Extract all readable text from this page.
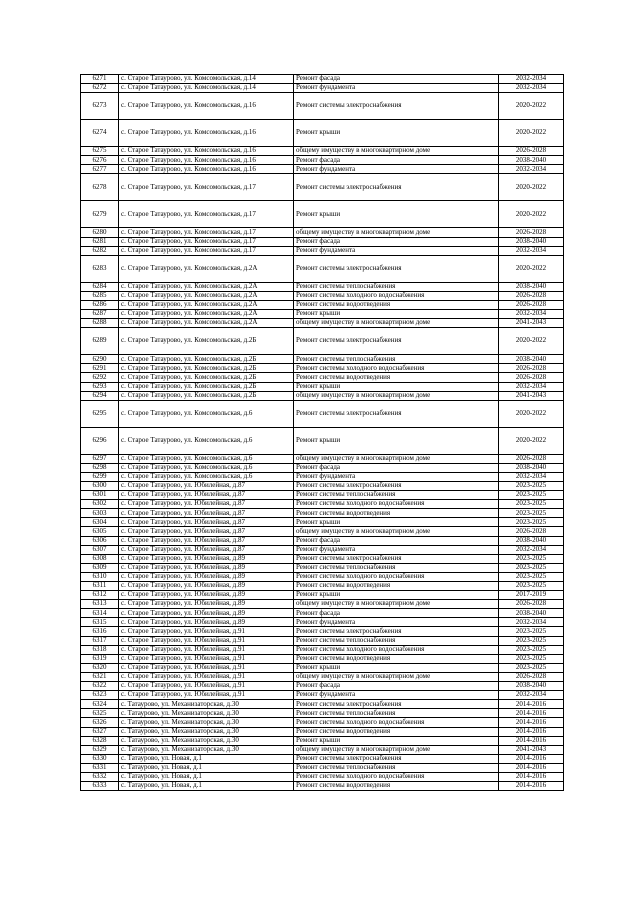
6271	с. Старое Татаурово, ул. Комсомольская, д.14	Ремонт фасада	2032-2034
6272	с. Старое Татаурово, ул. Комсомольская, д.14	Ремонт фундамента	2032-2034
6273	с. Старое Татаурово, ул. Комсомольская, д.16	Ремонт системы электроснабжения	2020-2022
6274	с. Старое Татаурово, ул. Комсомольская, д.16	Ремонт крыши	2020-2022
6275	с. Старое Татаурово, ул. Комсомольская, д.16	общему имуществу в многоквартирном доме	2026-2028
6276	с. Старое Татаурово, ул. Комсомольская, д.16	Ремонт фасада	2038-2040
6277	с. Старое Татаурово, ул. Комсомольская, д.16	Ремонт фундамента	2032-2034
6278	с. Старое Татаурово, ул. Комсомольская, д.17	Ремонт системы электроснабжения	2020-2022
6279	с. Старое Татаурово, ул. Комсомольская, д.17	Ремонт крыши	2020-2022
6280	с. Старое Татаурово, ул. Комсомольская, д.17	общему имуществу в многоквартирном доме	2026-2028
6281	с. Старое Татаурово, ул. Комсомольская, д.17	Ремонт фасада	2038-2040
6282	с. Старое Татаурово, ул. Комсомольская, д.17	Ремонт фундамента	2032-2034
6283	с. Старое Татаурово, ул. Комсомольская, д.2А	Ремонт системы электроснабжения	2020-2022
6284	с. Старое Татаурово, ул. Комсомольская, д.2А	Ремонт системы теплоснабжения	2038-2040
6285	с. Старое Татаурово, ул. Комсомольская, д.2А	Ремонт системы холодного водоснабжения	2026-2028
6286	с. Старое Татаурово, ул. Комсомольская, д.2А	Ремонт системы водоотведения	2026-2028
6287	с. Старое Татаурово, ул. Комсомольская, д.2А	Ремонт крыши	2032-2034
6288	с. Старое Татаурово, ул. Комсомольская, д.2А	общему имуществу в многоквартирном доме	2041-2043
6289	с. Старое Татаурово, ул. Комсомольская, д.2Б	Ремонт системы электроснабжения	2020-2022
6290	с. Старое Татаурово, ул. Комсомольская, д.2Б	Ремонт системы теплоснабжения	2038-2040
6291	с. Старое Татаурово, ул. Комсомольская, д.2Б	Ремонт системы холодного водоснабжения	2026-2028
6292	с. Старое Татаурово, ул. Комсомольская, д.2Б	Ремонт системы водоотведения	2026-2028
6293	с. Старое Татаурово, ул. Комсомольская, д.2Б	Ремонт крыши	2032-2034
6294	с. Старое Татаурово, ул. Комсомольская, д.2Б	общему имуществу в многоквартирном доме	2041-2043
6295	с. Старое Татаурово, ул. Комсомольская, д.6	Ремонт системы электроснабжения	2020-2022
6296	с. Старое Татаурово, ул. Комсомольская, д.6	Ремонт крыши	2020-2022
6297	с. Старое Татаурово, ул. Комсомольская, д.6	общему имуществу в многоквартирном доме	2026-2028
6298	с. Старое Татаурово, ул. Комсомольская, д.6	Ремонт фасада	2038-2040
6299	с. Старое Татаурово, ул. Комсомольская, д.6	Ремонт фундамента	2032-2034
6300	с. Старое Татаурово, ул. Юбилейная, д.87	Ремонт системы электроснабжения	2023-2025
6301	с. Старое Татаурово, ул. Юбилейная, д.87	Ремонт системы теплоснабжения	2023-2025
6302	с. Старое Татаурово, ул. Юбилейная, д.87	Ремонт системы холодного водоснабжения	2023-2025
6303	с. Старое Татаурово, ул. Юбилейная, д.87	Ремонт системы водоотведения	2023-2025
6304	с. Старое Татаурово, ул. Юбилейная, д.87	Ремонт крыши	2023-2025
6305	с. Старое Татаурово, ул. Юбилейная, д.87	общему имуществу в многоквартирном доме	2026-2028
6306	с. Старое Татаурово, ул. Юбилейная, д.87	Ремонт фасада	2038-2040
6307	с. Старое Татаурово, ул. Юбилейная, д.87	Ремонт фундамента	2032-2034
6308	с. Старое Татаурово, ул. Юбилейная, д.89	Ремонт системы электроснабжения	2023-2025
6309	с. Старое Татаурово, ул. Юбилейная, д.89	Ремонт системы теплоснабжения	2023-2025
6310	с. Старое Татаурово, ул. Юбилейная, д.89	Ремонт системы холодного водоснабжения	2023-2025
6311	с. Старое Татаурово, ул. Юбилейная, д.89	Ремонт системы водоотведения	2023-2025
6312	с. Старое Татаурово, ул. Юбилейная, д.89	Ремонт крыши	2017-2019
6313	с. Старое Татаурово, ул. Юбилейная, д.89	общему имуществу в многоквартирном доме	2026-2028
6314	с. Старое Татаурово, ул. Юбилейная, д.89	Ремонт фасада	2038-2040
6315	с. Старое Татаурово, ул. Юбилейная, д.89	Ремонт фундамента	2032-2034
6316	с. Старое Татаурово, ул. Юбилейная, д.91	Ремонт системы электроснабжения	2023-2025
6317	с. Старое Татаурово, ул. Юбилейная, д.91	Ремонт системы теплоснабжения	2023-2025
6318	с. Старое Татаурово, ул. Юбилейная, д.91	Ремонт системы холодного водоснабжения	2023-2025
6319	с. Старое Татаурово, ул. Юбилейная, д.91	Ремонт системы водоотведения	2023-2025
6320	с. Старое Татаурово, ул. Юбилейная, д.91	Ремонт крыши	2023-2025
6321	с. Старое Татаурово, ул. Юбилейная, д.91	общему имуществу в многоквартирном доме	2026-2028
6322	с. Старое Татаурово, ул. Юбилейная, д.91	Ремонт фасада	2038-2040
6323	с. Старое Татаурово, ул. Юбилейная, д.91	Ремонт фундамента	2032-2034
6324	с. Татаурово, ул. Механизаторская, д.30	Ремонт системы электроснабжения	2014-2016
6325	с. Татаурово, ул. Механизаторская, д.30	Ремонт системы теплоснабжения	2014-2016
6326	с. Татаурово, ул. Механизаторская, д.30	Ремонт системы холодного водоснабжения	2014-2016
6327	с. Татаурово, ул. Механизаторская, д.30	Ремонт системы водоотведения	2014-2016
6328	с. Татаурово, ул. Механизаторская, д.30	Ремонт крыши	2014-2016
6329	с. Татаурово, ул. Механизаторская, д.30	общему имуществу в многоквартирном доме	2041-2043
6330	с. Татаурово, ул. Новая, д.1	Ремонт системы электроснабжения	2014-2016
6331	с. Татаурово, ул. Новая, д.1	Ремонт системы теплоснабжения	2014-2016
6332	с. Татаурово, ул. Новая, д.1	Ремонт системы холодного водоснабжения	2014-2016
6333	с. Татаурово, ул. Новая, д.1	Ремонт системы водоотведения	2014-2016
